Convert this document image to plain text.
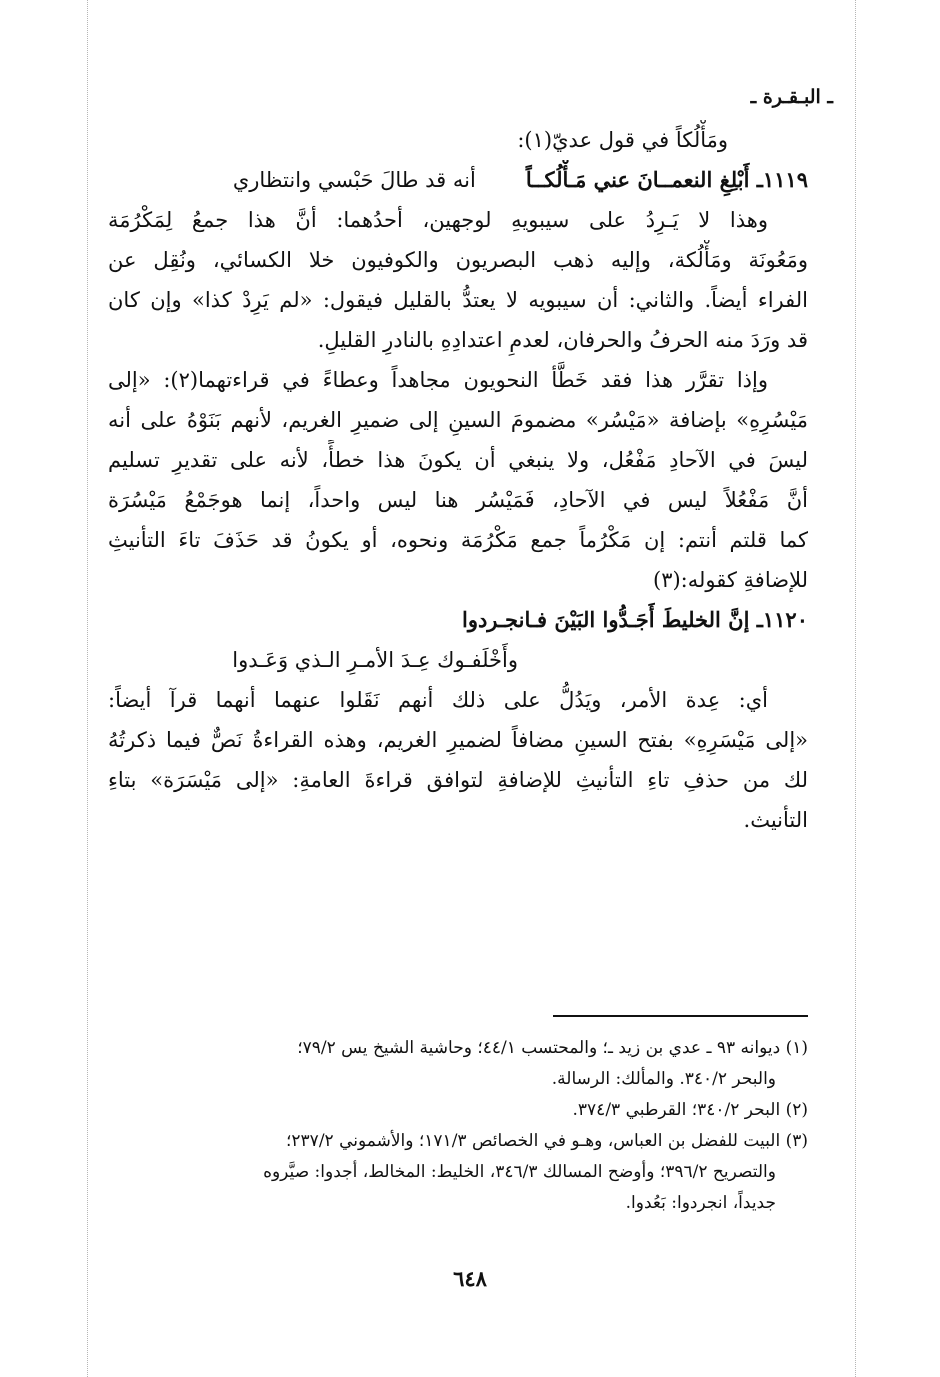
ـ البـقـرة ـ
ومَأْلُكاً في قول عديّ(١):
١١١٩ـ أَبْلِغِ النعمــانَ عني مَـأْلُكــاًأنه قد طالَ حَبْسي وانتظاري
وهذا لا يَـرِدُ على سيبويهِ لوجهين، أحدُهما: أنَّ هذا جمعُ لِمَكْرُمَة
ومَعُونَة ومَأْلُكة، وإليه ذهب البصريون والكوفيون خلا الكسائي، ونُقِل عن
الفراء أيضاً. والثاني: أن سيبويه لا يعتدُّ بالقليل فيقول: «لم يَرِدْ كذا» وإن كان
قد ورَدَ منه الحرفُ والحرفان، لعدمِ اعتدادِهِ بالنادرِ القليلِ.
وإذا تقرَّر هذا فقد خَطَّأ النحويون مجاهداً وعطاءً في قراءتهما(٢): «إلى
مَيْسُرِهِ» بإضافة «مَيْسُر» مضمومَ السينِ إلى ضميرِ الغريم، لأنهم بَنَوْهُ على أنه
ليسَ في الآحادِ مَفْعُل، ولا ينبغي أن يكونَ هذا خطأً، لأنه على تقديرِ تسليم
أنَّ مَفْعُلاً ليس في الآحادِ، فَمَيْسُر هنا ليس واحداً، إنما هوجَمْعُ مَيْسُرَة
كما قلتم أنتم: إن مَكْرُماً جمع مَكْرُمَة ونحوه، أو يكونُ قد حَذَفَ تاءَ التأنيثِ
للإضافةِ كقوله:(٣)
١١٢٠ـ إنَّ الخليطَ أَجَـدُّوا البَيْنَ فـانجـردوا
وأَخْلَفـوك عِـدَ الأمـرِ الـذي وَعَـدوا
أي: عِدة الأمر، ويَدُلُّ على ذلك أنهم نَقَلوا عنهما أنهما قرآ أيضاً:
«إلى مَيْسَرِهِ» بفتح السينِ مضافاً لضميرِ الغريم، وهذه القراءةُ نَصٌّ فيما ذكرتُهُ
لك من حذفِ تاءِ التأنيثِ للإضافةِ لتوافق قراءةَ العامةِ: «إلى مَيْسَرَة» بتاءِ
التأنيث.
(١) ديوانه ٩٣ ـ عدي بن زيد ـ؛ والمحتسب ٤٤/١؛ وحاشية الشيخ يس ٧٩/٢؛
والبحر ٣٤٠/٢. والمألك: الرسالة.
(٢) البحر ٣٤٠/٢؛ القرطبي ٣٧٤/٣.
(٣) البيت للفضل بن العباس، وهـو في الخصائص ١٧١/٣؛ والأشموني ٢٣٧/٢؛
والتصريح ٣٩٦/٢؛ وأوضح المسالك ٣٤٦/٣، الخليط: المخالط، أجدوا: صيَّروه
جديداً، انجردوا: بَعُدوا.
٦٤٨
